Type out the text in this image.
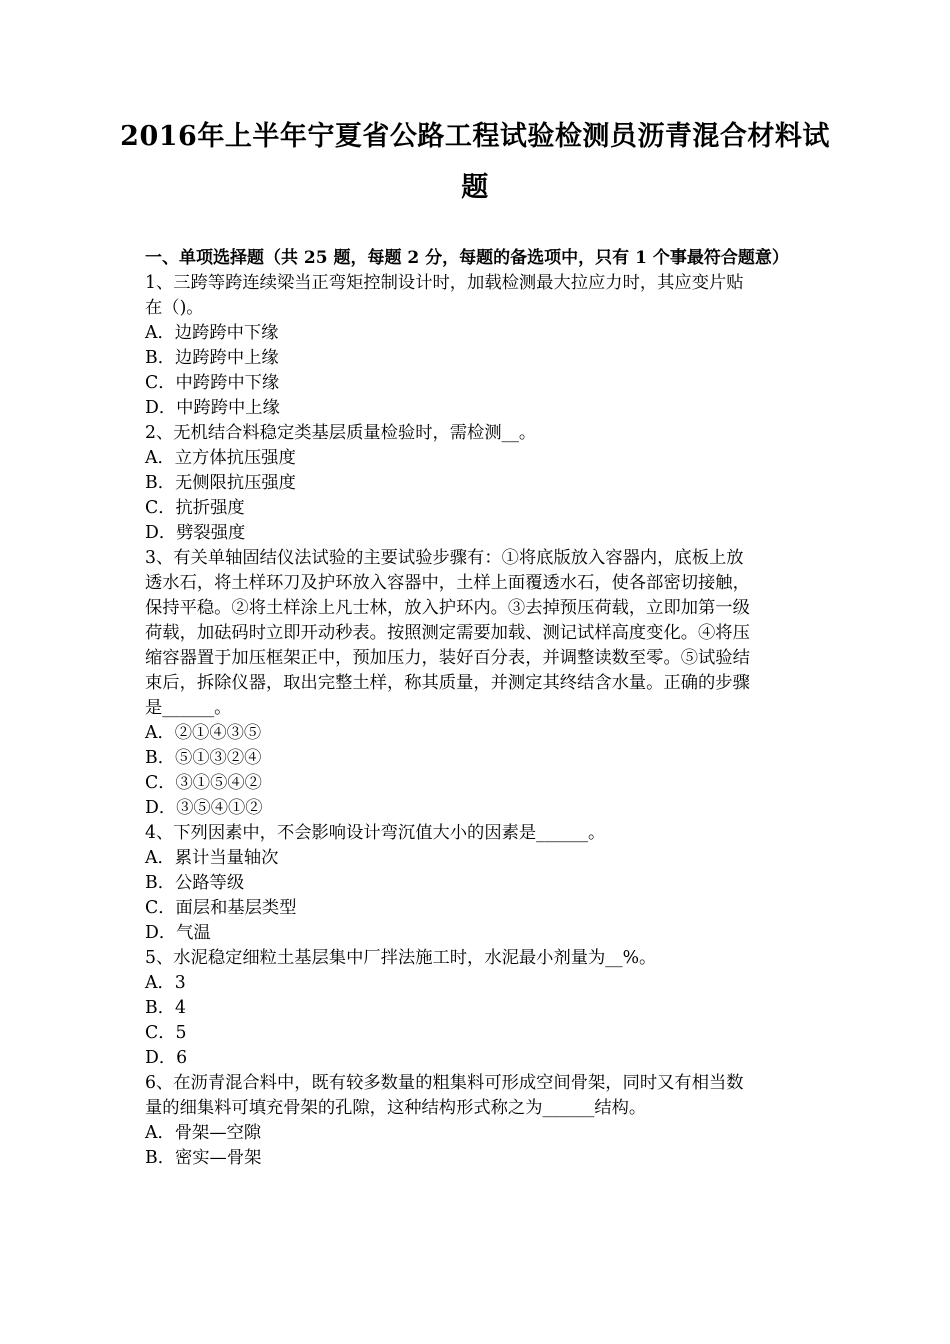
2016年上半年宁夏省公路工程试验检测员沥青混合材料试
题
一、单项选择题（共 25 题，每题 2 分，每题的备选项中，只有 1 个事最符合题意）
1、三跨等跨连续梁当正弯矩控制设计时，加载检测最大拉应力时，其应变片贴
在（)。
A．边跨跨中下缘
B．边跨跨中上缘
C．中跨跨中下缘
D．中跨跨中上缘
2、无机结合料稳定类基层质量检验时，需检测__。
A．立方体抗压强度
B．无侧限抗压强度
C．抗折强度
D．劈裂强度
3、有关单轴固结仪法试验的主要试验步骤有：①将底版放入容器内，底板上放
透水石，将土样环刀及护环放入容器中，土样上面覆透水石，使各部密切接触，
保持平稳。②将土样涂上凡士林，放入护环内。③去掉预压荷载，立即加第一级
荷载，加砝码时立即开动秒表。按照测定需要加载、测记试样高度变化。④将压
缩容器置于加压框架正中，预加压力，装好百分表，并调整读数至零。⑤试验结
束后，拆除仪器，取出完整土样，称其质量，并测定其终结含水量。正确的步骤
是______。
A．②①④③⑤
B．⑤①③②④
C．③①⑤④②
D．③⑤④①②
4、下列因素中，不会影响设计弯沉值大小的因素是______。
A．累计当量轴次
B．公路等级
C．面层和基层类型
D．气温
5、水泥稳定细粒土基层集中厂拌法施工时，水泥最小剂量为__%。
A．3
B．4
C．5
D．6
6、在沥青混合料中，既有较多数量的粗集料可形成空间骨架，同时又有相当数
量的细集料可填充骨架的孔隙，这种结构形式称之为______结构。
A．骨架—空隙
B．密实—骨架
